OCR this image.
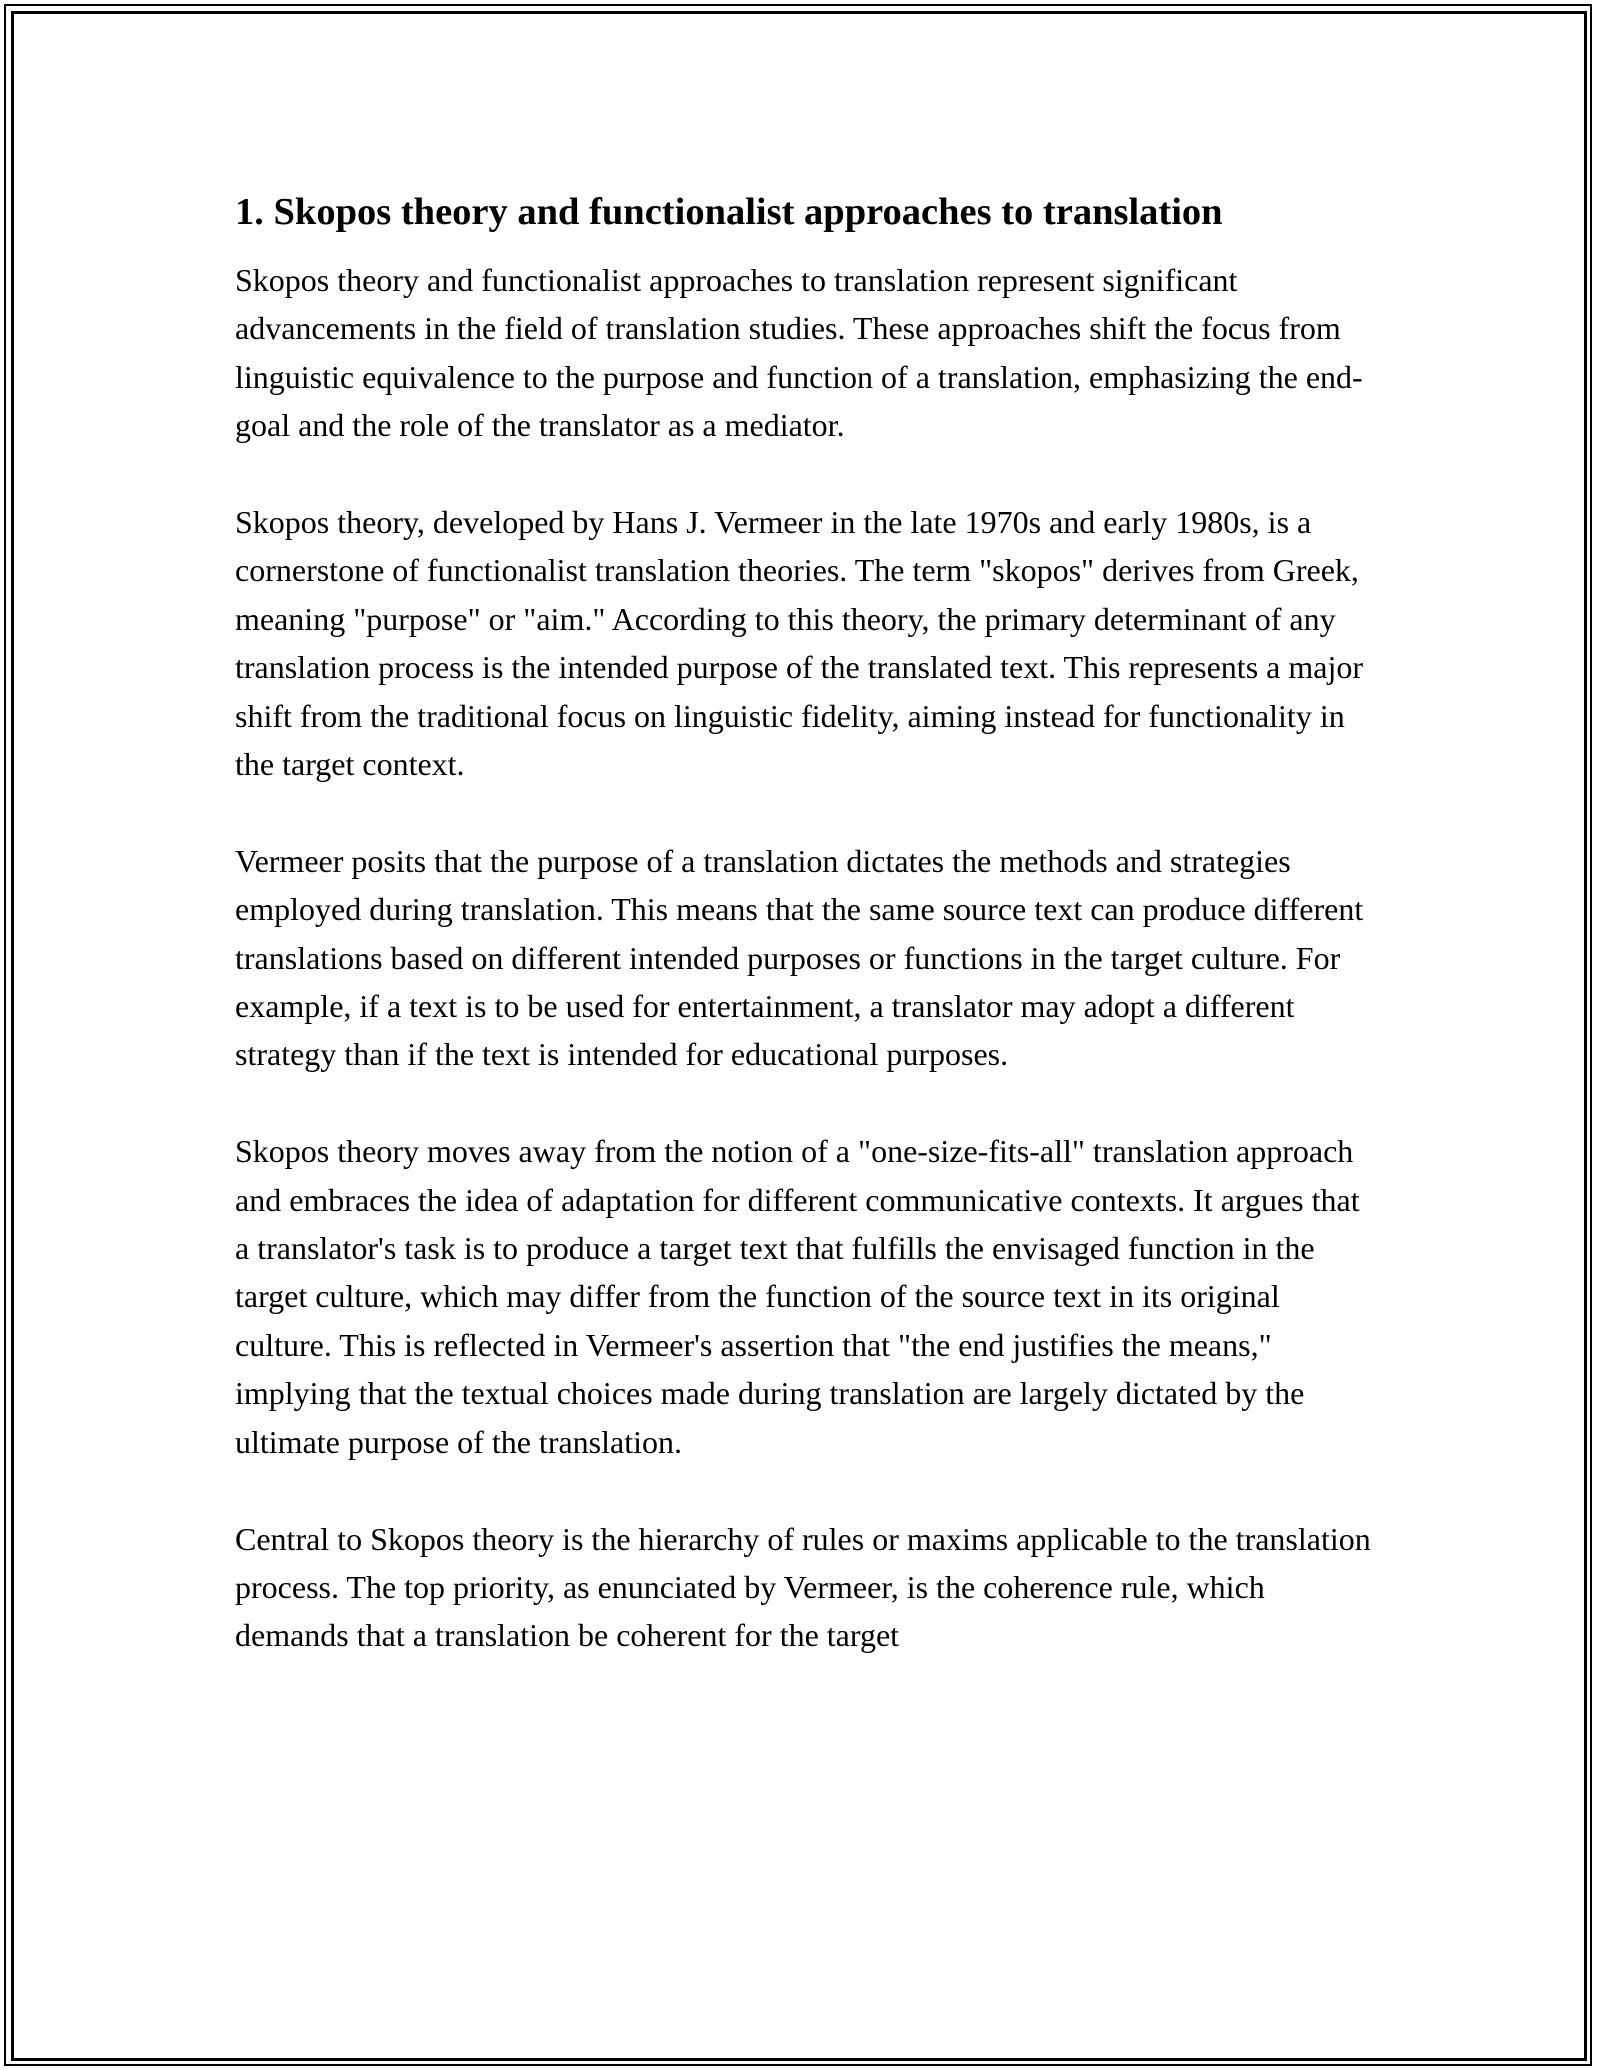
1. Skopos theory and functionalist approaches to translation

Skopos theory and functionalist approaches to translation represent significant advancements in the field of translation studies. These approaches shift the focus from linguistic equivalence to the purpose and function of a translation, emphasizing the end-goal and the role of the translator as a mediator.

Skopos theory, developed by Hans J. Vermeer in the late 1970s and early 1980s, is a cornerstone of functionalist translation theories. The term "skopos" derives from Greek, meaning "purpose" or "aim." According to this theory, the primary determinant of any translation process is the intended purpose of the translated text. This represents a major shift from the traditional focus on linguistic fidelity, aiming instead for functionality in the target context.

Vermeer posits that the purpose of a translation dictates the methods and strategies employed during translation. This means that the same source text can produce different translations based on different intended purposes or functions in the target culture. For example, if a text is to be used for entertainment, a translator may adopt a different strategy than if the text is intended for educational purposes.

Skopos theory moves away from the notion of a "one-size-fits-all" translation approach and embraces the idea of adaptation for different communicative contexts. It argues that a translator's task is to produce a target text that fulfills the envisaged function in the target culture, which may differ from the function of the source text in its original culture. This is reflected in Vermeer's assertion that "the end justifies the means," implying that the textual choices made during translation are largely dictated by the ultimate purpose of the translation.

Central to Skopos theory is the hierarchy of rules or maxims applicable to the translation process. The top priority, as enunciated by Vermeer, is the coherence rule, which demands that a translation be coherent for the target
